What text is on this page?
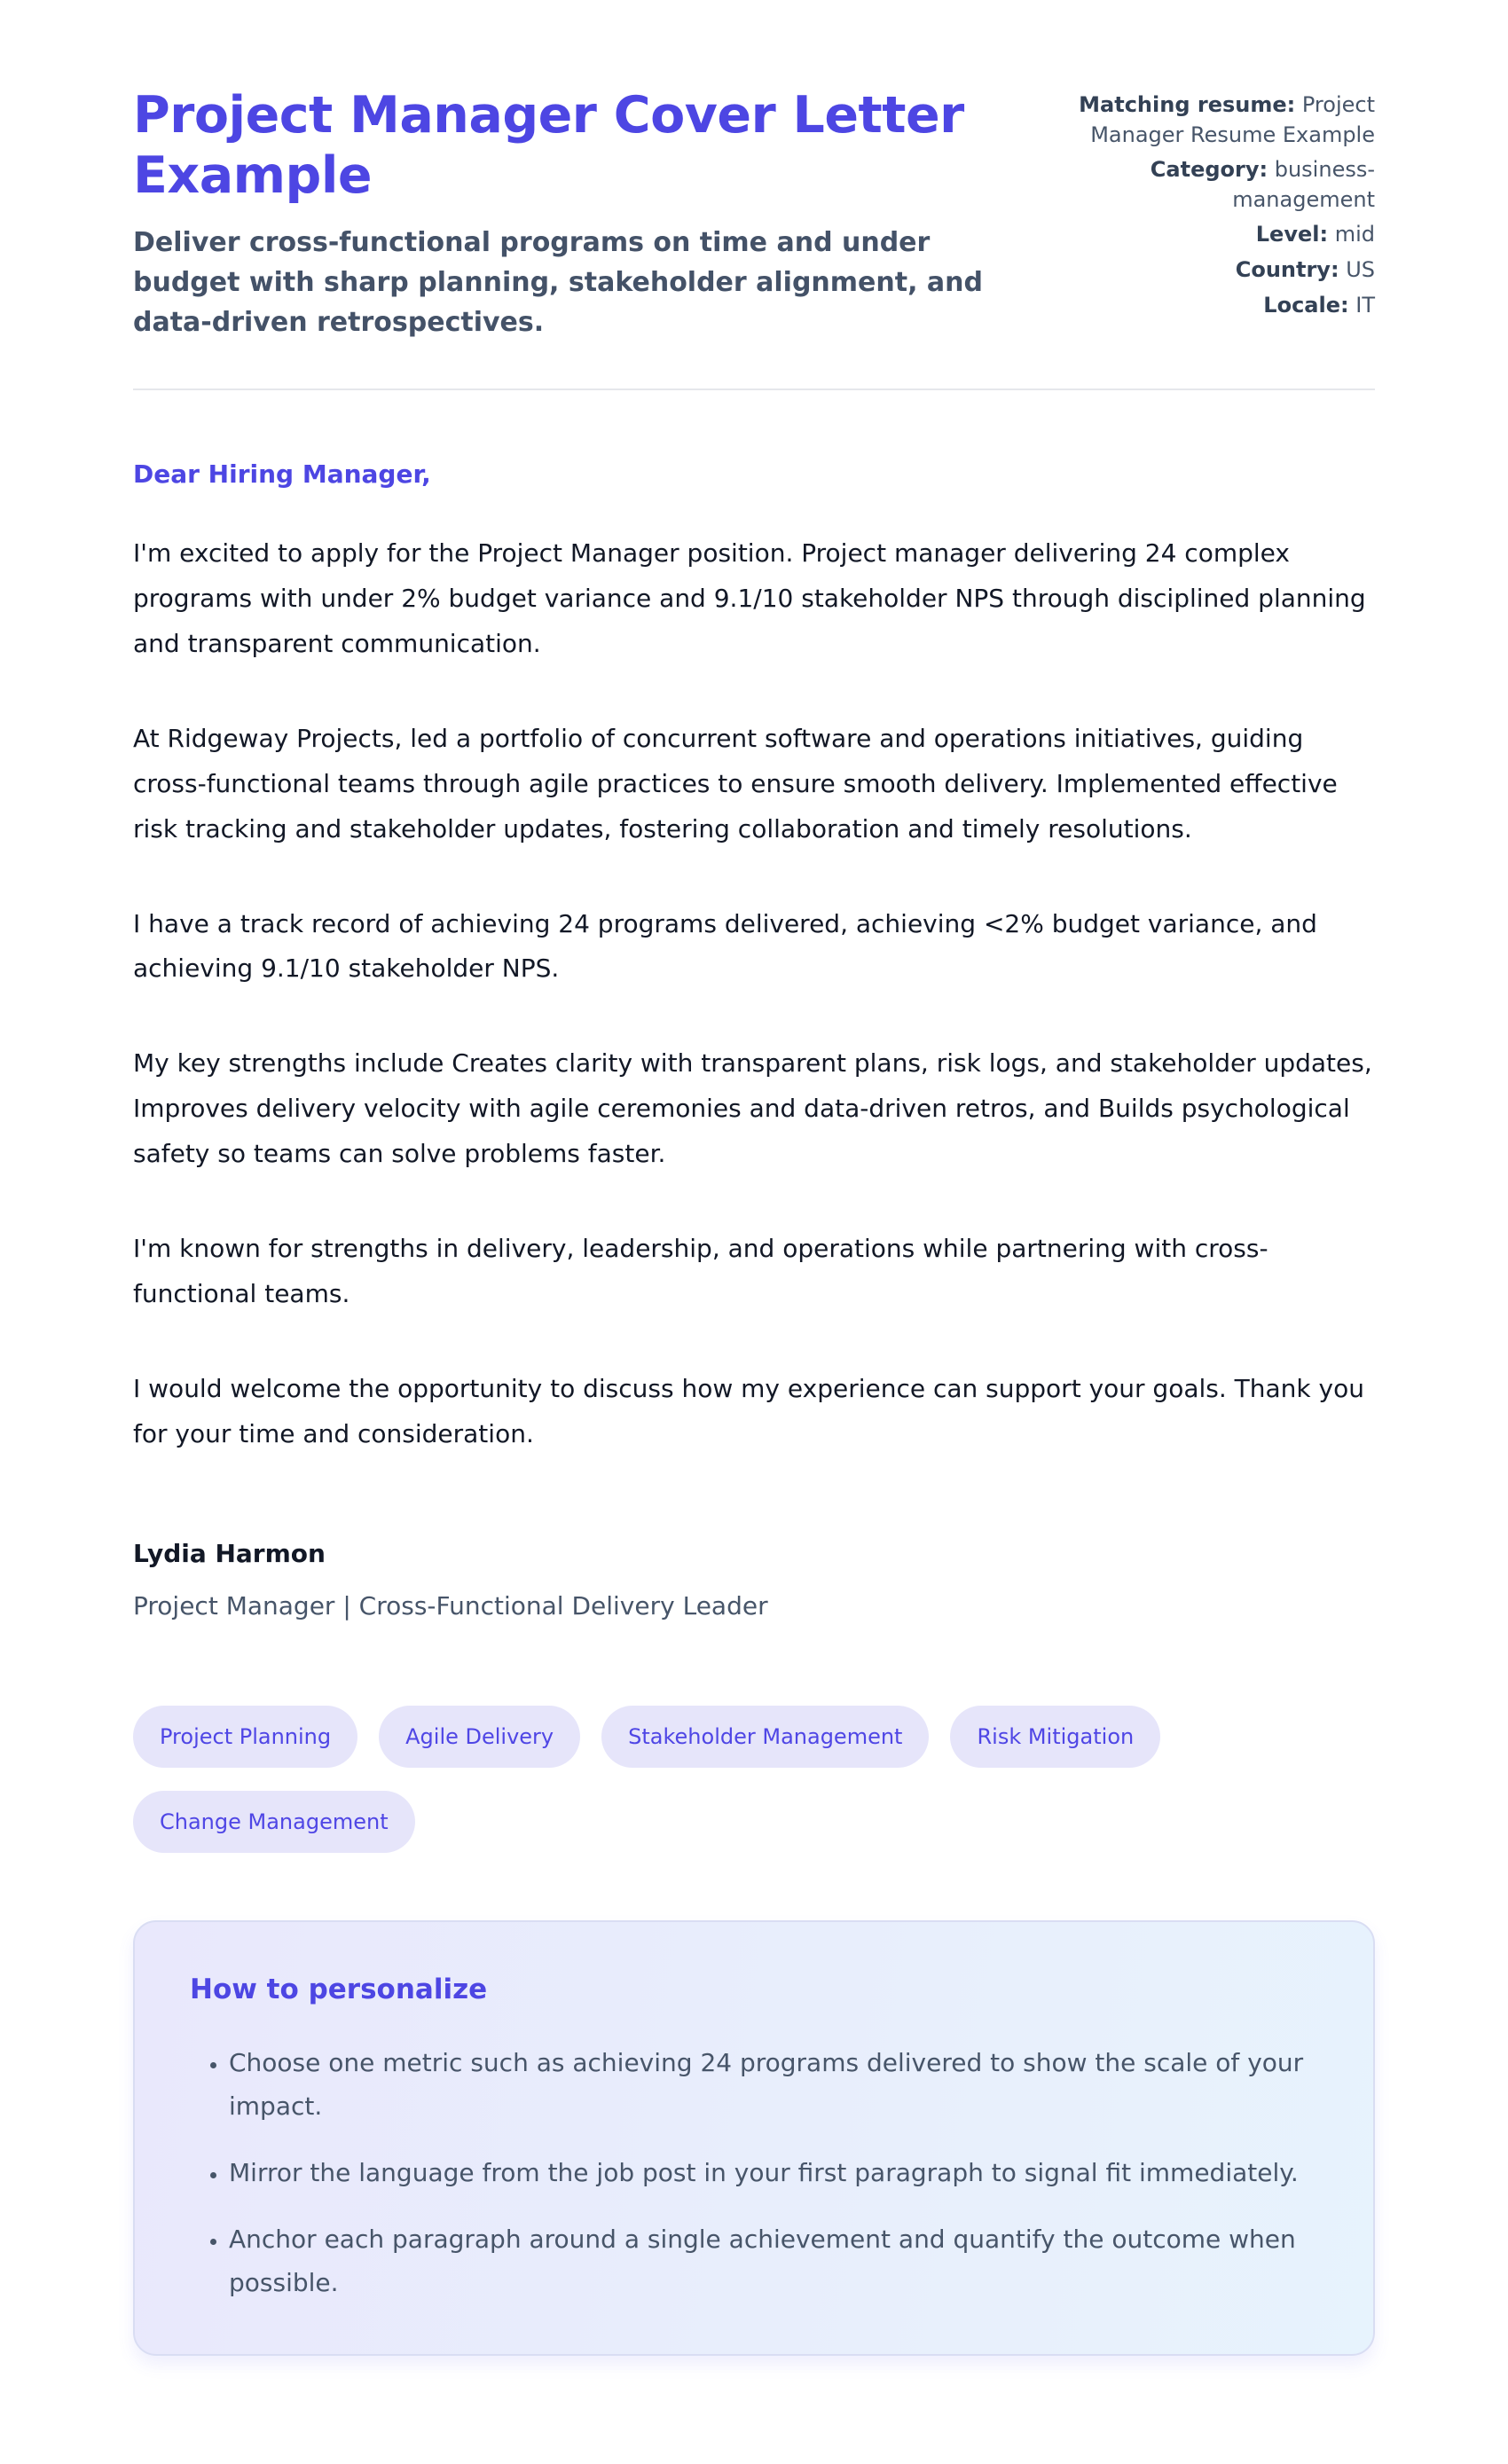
Project Manager Cover Letter Example

Deliver cross-functional programs on time and under budget with sharp planning, stakeholder alignment, and data-driven retrospectives.

Matching resume: Project Manager Resume Example
Category: business-management
Level: mid
Country: US
Locale: IT

Dear Hiring Manager,

I'm excited to apply for the Project Manager position. Project manager delivering 24 complex programs with under 2% budget variance and 9.1/10 stakeholder NPS through disciplined planning and transparent communication.

At Ridgeway Projects, led a portfolio of concurrent software and operations initiatives, guiding cross-functional teams through agile practices to ensure smooth delivery. Implemented effective risk tracking and stakeholder updates, fostering collaboration and timely resolutions.

I have a track record of achieving 24 programs delivered, achieving <2% budget variance, and achieving 9.1/10 stakeholder NPS.

My key strengths include Creates clarity with transparent plans, risk logs, and stakeholder updates, Improves delivery velocity with agile ceremonies and data-driven retros, and Builds psychological safety so teams can solve problems faster.

I'm known for strengths in delivery, leadership, and operations while partnering with cross-functional teams.

I would welcome the opportunity to discuss how my experience can support your goals. Thank you for your time and consideration.

Lydia Harmon

Project Manager | Cross-Functional Delivery Leader

Project Planning	Agile Delivery	Stakeholder Management	Risk Mitigation
Change Management
How to personalize
• Choose one metric such as achieving 24 programs delivered to show the scale of your impact.
• Mirror the language from the job post in your first paragraph to signal fit immediately.
• Anchor each paragraph around a single achievement and quantify the outcome when possible.
